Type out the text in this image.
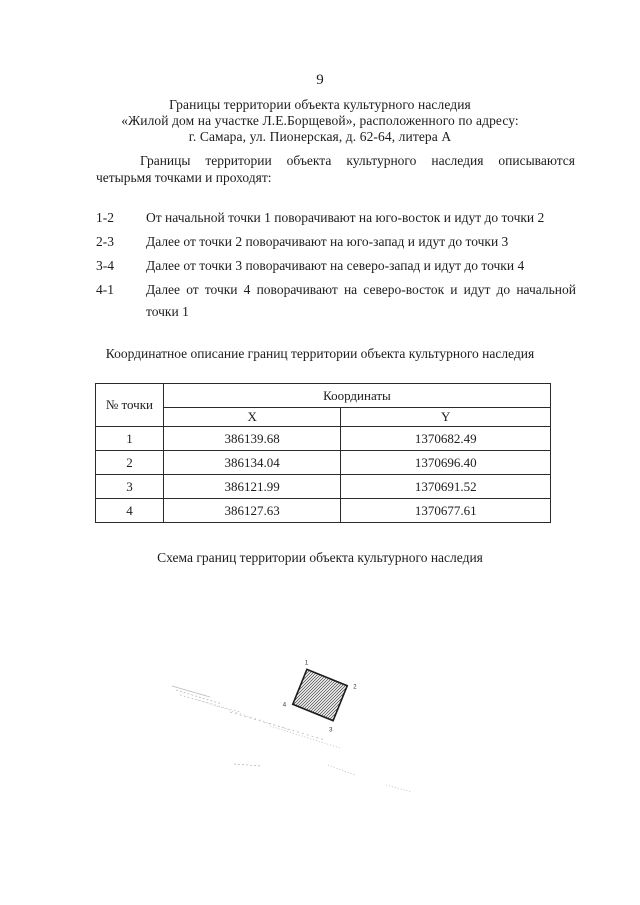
9
Границы территории объекта культурного наследия
«Жилой дом на участке Л.Е.Борщевой», расположенного по адресу:
г. Самара, ул. Пионерская, д. 62-64, литера А
Границы территории объекта культурного наследия описываются
четырьмя точками и проходят:
1-2 От начальной точки 1 поворачивают на юго-восток и идут до точки 2
2-3 Далее от точки 2 поворачивают на юго-запад и идут до точки 3
3-4 Далее от точки 3 поворачивают на северо-запад и идут до точки 4
4-1 Далее от точки 4 поворачивают на северо-восток и идут до начальной
точки 1
Координатное описание границ территории объекта культурного наследия
№ точки	Координаты	
	X	Y
1	386139.68	1370682.49
2	386134.04	1370696.40
3	386121.99	1370691.52
4	386127.63	1370677.61
Схема границ территории объекта культурного наследия
1
2
3
4
